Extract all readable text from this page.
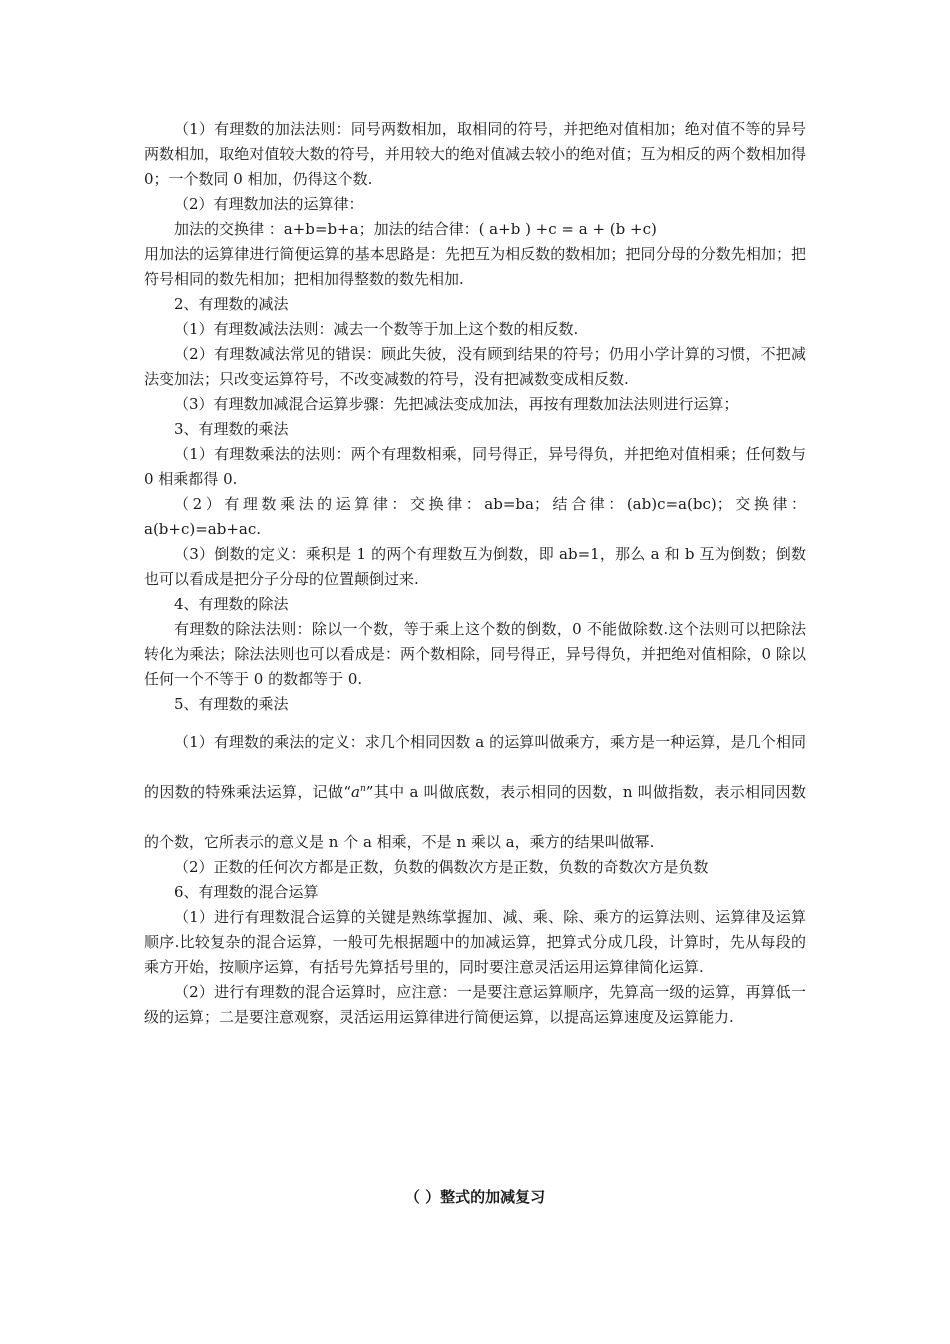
（1）有理数的加法法则：同号两数相加，取相同的符号，并把绝对值相加；绝对值不等的异号两数相加，取绝对值较大数的符号，并用较大的绝对值减去较小的绝对值；互为相反的两个数相加得 0；一个数同 0 相加，仍得这个数.

（2）有理数加法的运算律：

加法的交换律 ：a+b=b+a；加法的结合律：( a+b ) +c = a + (b +c)

用加法的运算律进行简便运算的基本思路是：先把互为相反数的数相加；把同分母的分数先相加；把符号相同的数先相加；把相加得整数的数先相加.

2、有理数的减法

（1）有理数减法法则：减去一个数等于加上这个数的相反数.

（2）有理数减法常见的错误：顾此失彼，没有顾到结果的符号；仍用小学计算的习惯，不把减法变加法；只改变运算符号，不改变减数的符号，没有把减数变成相反数.

（3）有理数加减混合运算步骤：先把减法变成加法，再按有理数加法法则进行运算；

3、有理数的乘法

（1）有理数乘法的法则：两个有理数相乘，同号得正，异号得负，并把绝对值相乘；任何数与 0 相乘都得 0.

（2）有理数乘法的运算律：交换律：ab=ba；结合律：(ab)c=a(bc)；交换律：a(b+c)=ab+ac.

（3）倒数的定义：乘积是 1 的两个有理数互为倒数，即 ab=1，那么 a 和 b 互为倒数；倒数也可以看成是把分子分母的位置颠倒过来.

4、有理数的除法

有理数的除法法则：除以一个数，等于乘上这个数的倒数，0 不能做除数.这个法则可以把除法转化为乘法；除法法则也可以看成是：两个数相除，同号得正，异号得负，并把绝对值相除，0 除以任何一个不等于 0 的数都等于 0.

5、有理数的乘法

（1）有理数的乘法的定义：求几个相同因数 a 的运算叫做乘方，乘方是一种运算，是几个相同的因数的特殊乘法运算，记做“$a^n$”其中 a 叫做底数，表示相同的因数，n 叫做指数，表示相同因数的个数，它所表示的意义是 n 个 a 相乘，不是 n 乘以 a，乘方的结果叫做幂.

（2）正数的任何次方都是正数，负数的偶数次方是正数，负数的奇数次方是负数

6、有理数的混合运算

（1）进行有理数混合运算的关键是熟练掌握加、减、乘、除、乘方的运算法则、运算律及运算顺序.比较复杂的混合运算，一般可先根据题中的加减运算，把算式分成几段，计算时，先从每段的乘方开始，按顺序运算，有括号先算括号里的，同时要注意灵活运用运算律简化运算.

（2）进行有理数的混合运算时，应注意：一是要注意运算顺序，先算高一级的运算，再算低一级的运算；二是要注意观察，灵活运用运算律进行简便运算，以提高运算速度及运算能力.

（ ）整式的加减复习
